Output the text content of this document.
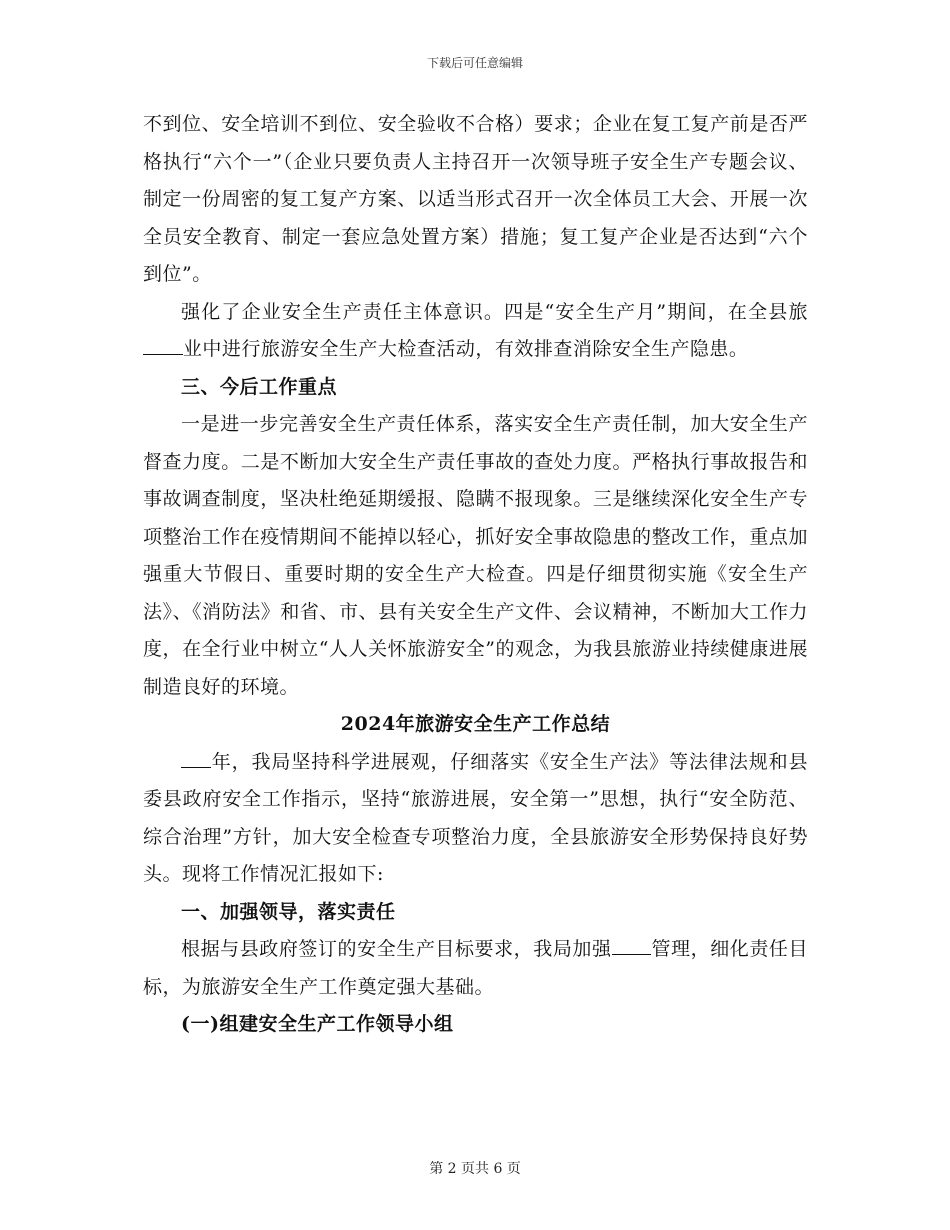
下载后可任意编辑

不到位、安全培训不到位、安全验收不合格）要求；企业在复工复产前是否严格执行“六个一”（企业只要负责人主持召开一次领导班子安全生产专题会议、制定一份周密的复工复产方案、以适当形式召开一次全体员工大会、开展一次全员安全教育、制定一套应急处置方案）措施；复工复产企业是否达到“六个到位”。

强化了企业安全生产责任主体意识。四是“安全生产月”期间，在全县旅业中进行旅游安全生产大检查活动，有效排查消除安全生产隐患。

三、今后工作重点

一是进一步完善安全生产责任体系，落实安全生产责任制，加大安全生产督查力度。二是不断加大安全生产责任事故的查处力度。严格执行事故报告和事故调查制度，坚决杜绝延期缓报、隐瞒不报现象。三是继续深化安全生产专项整治工作在疫情期间不能掉以轻心，抓好安全事故隐患的整改工作，重点加强重大节假日、重要时期的安全生产大检查。四是仔细贯彻实施《安全生产法》、《消防法》和省、市、县有关安全生产文件、会议精神，不断加大工作力度，在全行业中树立“人人关怀旅游安全”的观念，为我县旅游业持续健康进展制造良好的环境。

2024年旅游安全生产工作总结

年，我局坚持科学进展观，仔细落实《安全生产法》等法律法规和县委县政府安全工作指示，坚持“旅游进展，安全第一”思想，执行“安全防范、综合治理”方针，加大安全检查专项整治力度，全县旅游安全形势保持良好势头。现将工作情况汇报如下:

一、加强领导，落实责任

根据与县政府签订的安全生产目标要求，我局加强 管理，细化责任目标，为旅游安全生产工作奠定强大基础。

(一)组建安全生产工作领导小组

第 2 页共 6 页
